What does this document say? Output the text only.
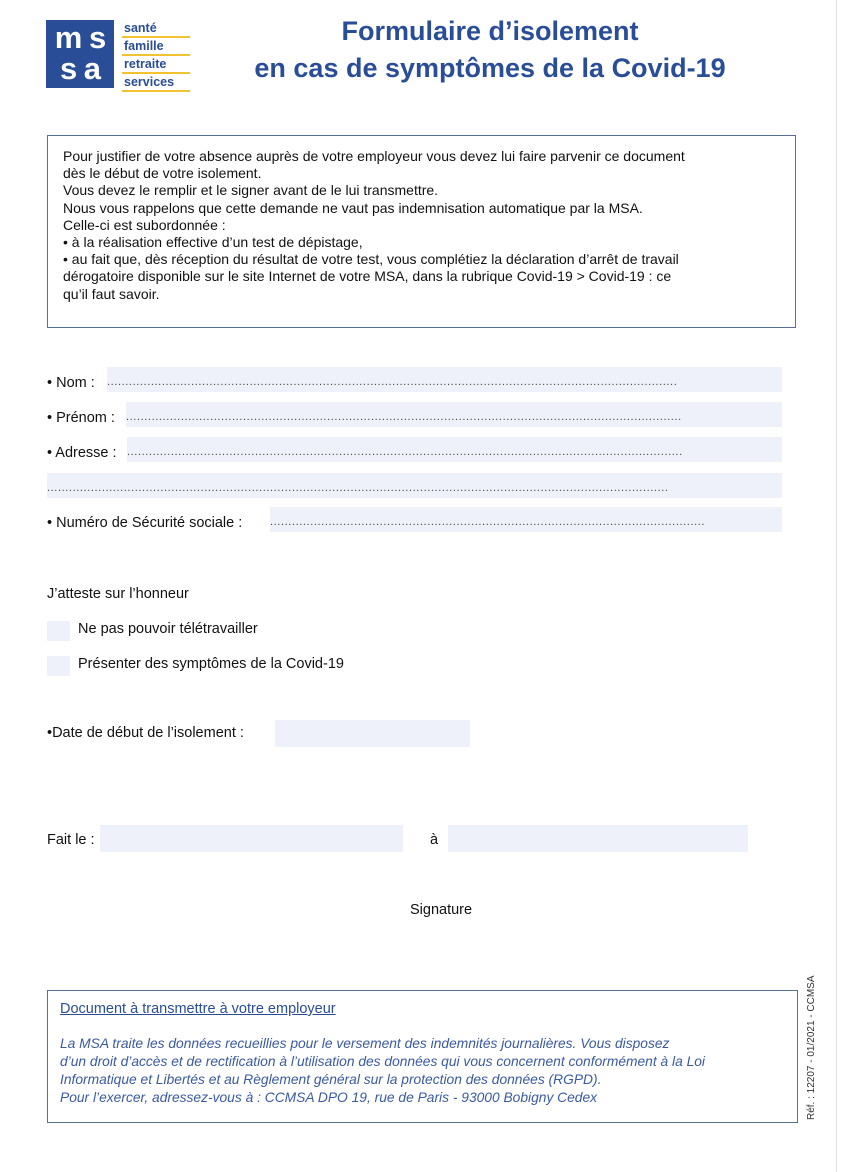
m s
s a
santé
famille
retraite
services
Formulaire d’isolement
en cas de symptômes de la Covid-19

Pour justifier de votre absence auprès de votre employeur vous devez lui faire parvenir ce document
dès le début de votre isolement.
Vous devez le remplir et le signer avant de le lui transmettre.
Nous vous rappelons que cette demande ne vaut pas indemnisation automatique par la MSA.
Celle-ci est subordonnée :
• à la réalisation effective d’un test de dépistage,
• au fait que, dès réception du résultat de votre test, vous complétiez la déclaration d’arrêt de travail
dérogatoire disponible sur le site Internet de votre MSA, dans la rubrique Covid-19 > Covid-19 : ce
qu’il faut savoir.

• Nom : ............................................................................................................................................................
• Prénom : ........................................................................................................................................................
• Adresse : ........................................................................................................................................................
..........................................................................................................................................................................
• Numéro de Sécurité sociale :	.......................................................................................................................
J’atteste sur l’honneur
Ne pas pouvoir télétravailler
Présenter des symptômes de la Covid-19
•Date de début de l’isolement :
Fait le :	à
Signature
Document à transmettre à votre employeur

La MSA traite les données recueillies pour le versement des indemnités journalières. Vous disposez
d’un droit d’accès et de rectification à l’utilisation des données qui vous concernent conformément à la Loi
Informatique et Libertés et au Règlement général sur la protection des données (RGPD).
Pour l’exercer, adressez-vous à : CCMSA DPO 19, rue de Paris - 93000 Bobigny Cedex	Réf. : 12207 - 01/2021 - CCMSA
